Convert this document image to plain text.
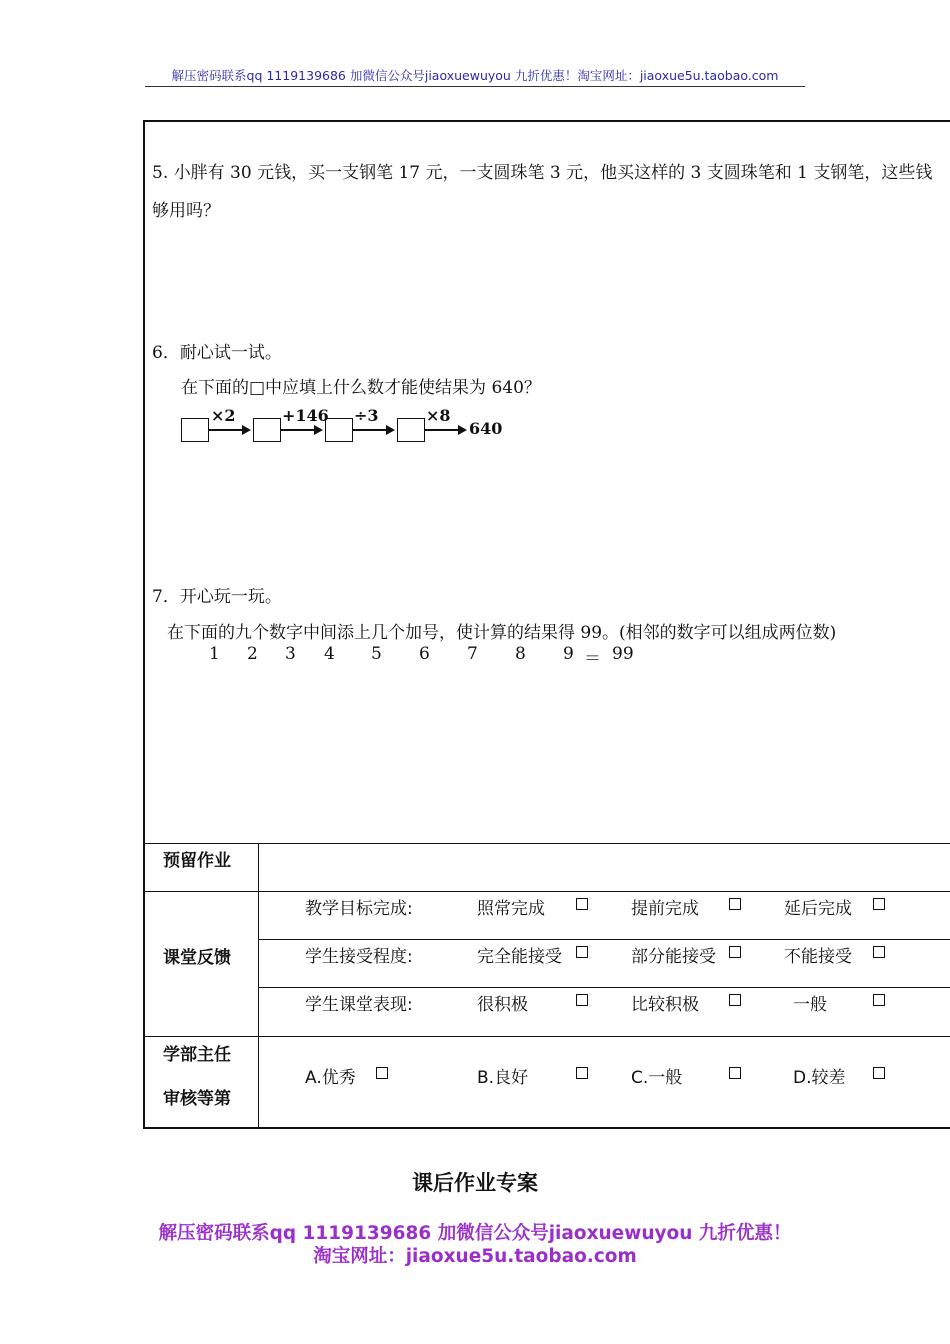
解压密码联系qq 1119139686 加微信公众号jiaoxuewuyou 九折优惠！淘宝网址：jiaoxue5u.taobao.com
5. 小胖有 30 元钱，买一支钢笔 17 元，一支圆珠笔 3 元，他买这样的 3 支圆珠笔和 1 支钢笔，这些钱
够用吗？
6．耐心试一试。
在下面的□中应填上什么数才能使结果为 640？
×2	+146 ÷3	×8
640
7．开心玩一玩。
在下面的九个数字中间添上几个加号，使计算的结果得 99。(相邻的数字可以组成两位数)
1 2 3 4 5 6 7 8 9 ＝ 99
预留作业
课堂反馈
教学目标完成:	照常完成	提前完成	延后完成
学生接受程度:	完全能接受	部分能接受	不能接受
学生课堂表现:	很积极	比较积极	一般
学部主任
审核等第
A.优秀	B.良好	C.一般	D.较差
课后作业专案
解压密码联系qq 1119139686 加微信公众号jiaoxuewuyou 九折优惠！
淘宝网址：jiaoxue5u.taobao.com
